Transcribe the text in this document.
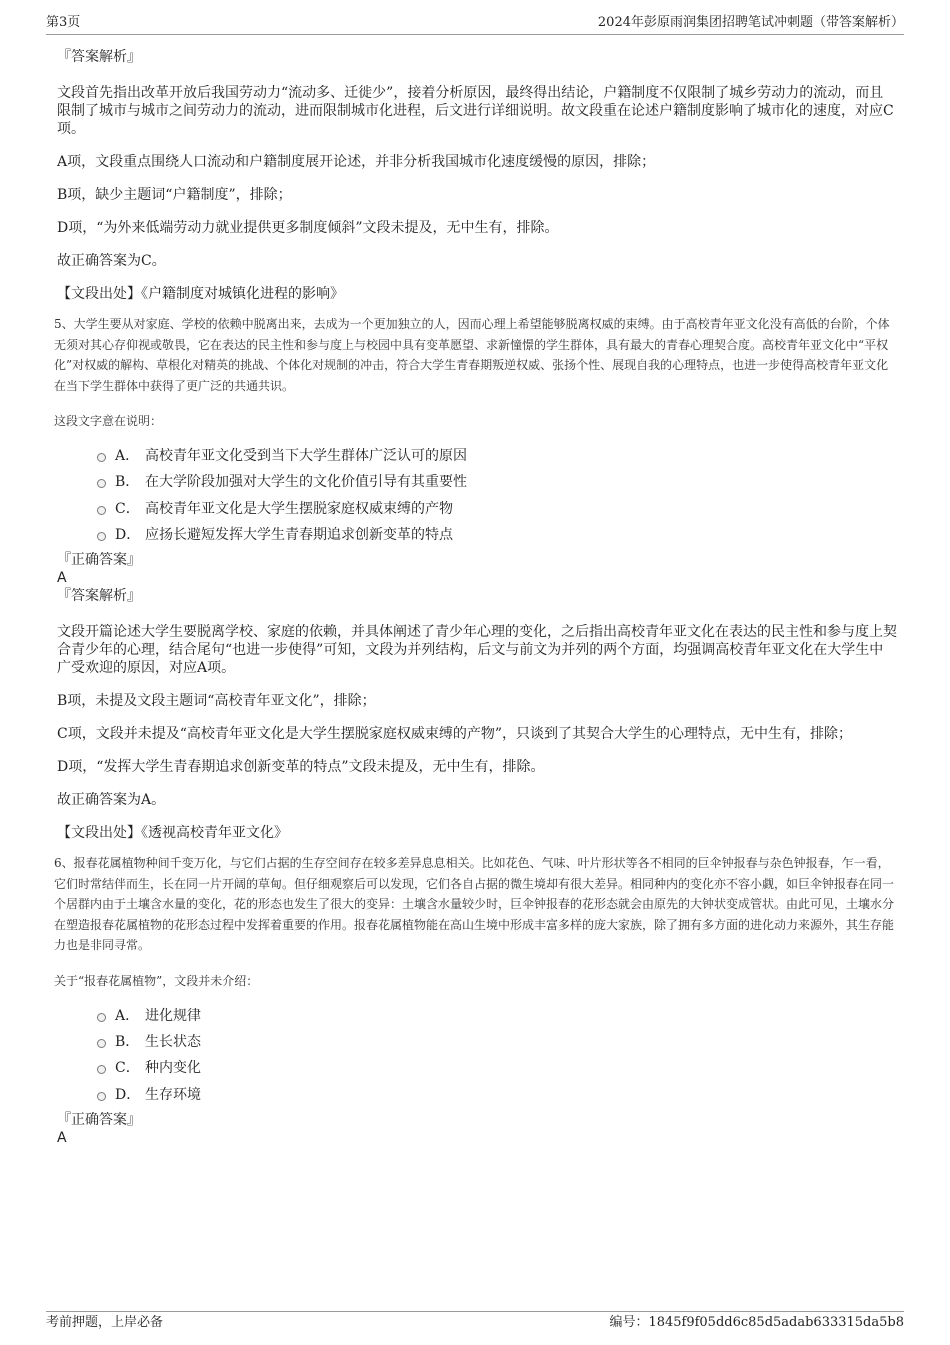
第3页	2024年彭原雨润集团招聘笔试冲刺题（带答案解析）

『答案解析』

文段首先指出改革开放后我国劳动力“流动多、迁徙少”，接着分析原因，最终得出结论，户籍制度不仅限制了城乡劳动力的流动，而且限制了城市与城市之间劳动力的流动，进而限制城市化进程，后文进行详细说明。故文段重在论述户籍制度影响了城市化的速度，对应C项。

A项，文段重点围绕人口流动和户籍制度展开论述，并非分析我国城市化速度缓慢的原因，排除；

B项，缺少主题词“户籍制度”，排除；

D项，“为外来低端劳动力就业提供更多制度倾斜”文段未提及，无中生有，排除。

故正确答案为C。

【文段出处】《户籍制度对城镇化进程的影响》

5、大学生要从对家庭、学校的依赖中脱离出来，去成为一个更加独立的人，因而心理上希望能够脱离权威的束缚。由于高校青年亚文化没有高低的台阶，个体无须对其心存仰视或敬畏，它在表达的民主性和参与度上与校园中具有变革愿望、求新憧憬的学生群体，具有最大的青春心理契合度。高校青年亚文化中“平权化”对权威的解构、草根化对精英的挑战、个体化对规制的冲击，符合大学生青春期叛逆权威、张扬个性、展现自我的心理特点，也进一步使得高校青年亚文化在当下学生群体中获得了更广泛的共通共识。

这段文字意在说明：

A． 高校青年亚文化受到当下大学生群体广泛认可的原因
B． 在大学阶段加强对大学生的文化价值引导有其重要性
C． 高校青年亚文化是大学生摆脱家庭权威束缚的产物
D． 应扬长避短发挥大学生青春期追求创新变革的特点

『正确答案』

A

『答案解析』

文段开篇论述大学生要脱离学校、家庭的依赖，并具体阐述了青少年心理的变化，之后指出高校青年亚文化在表达的民主性和参与度上契合青少年的心理，结合尾句“也进一步使得”可知，文段为并列结构，后文与前文为并列的两个方面，均强调高校青年亚文化在大学生中广受欢迎的原因，对应A项。

B项，未提及文段主题词“高校青年亚文化”，排除；

C项，文段并未提及“高校青年亚文化是大学生摆脱家庭权威束缚的产物”，只谈到了其契合大学生的心理特点，无中生有，排除；

D项，“发挥大学生青春期追求创新变革的特点”文段未提及，无中生有，排除。

故正确答案为A。

【文段出处】《透视高校青年亚文化》

6、报春花属植物种间千变万化，与它们占据的生存空间存在较多差异息息相关。比如花色、气味、叶片形状等各不相同的巨伞钟报春与杂色钟报春，乍一看，它们时常结伴而生，长在同一片开阔的草甸。但仔细观察后可以发现，它们各自占据的微生境却有很大差异。相同种内的变化亦不容小觑，如巨伞钟报春在同一个居群内由于土壤含水量的变化，花的形态也发生了很大的变异：土壤含水量较少时，巨伞钟报春的花形态就会由原先的大钟状变成管状。由此可见，土壤水分在塑造报春花属植物的花形态过程中发挥着重要的作用。报春花属植物能在高山生境中形成丰富多样的庞大家族，除了拥有多方面的进化动力来源外，其生存能力也是非同寻常。

关于“报春花属植物”，文段并未介绍：

A． 进化规律
B． 生长状态
C． 种内变化
D． 生存环境

『正确答案』

A

考前押题，上岸必备	编号：1845f9f05dd6c85d5adab633315da5b8
